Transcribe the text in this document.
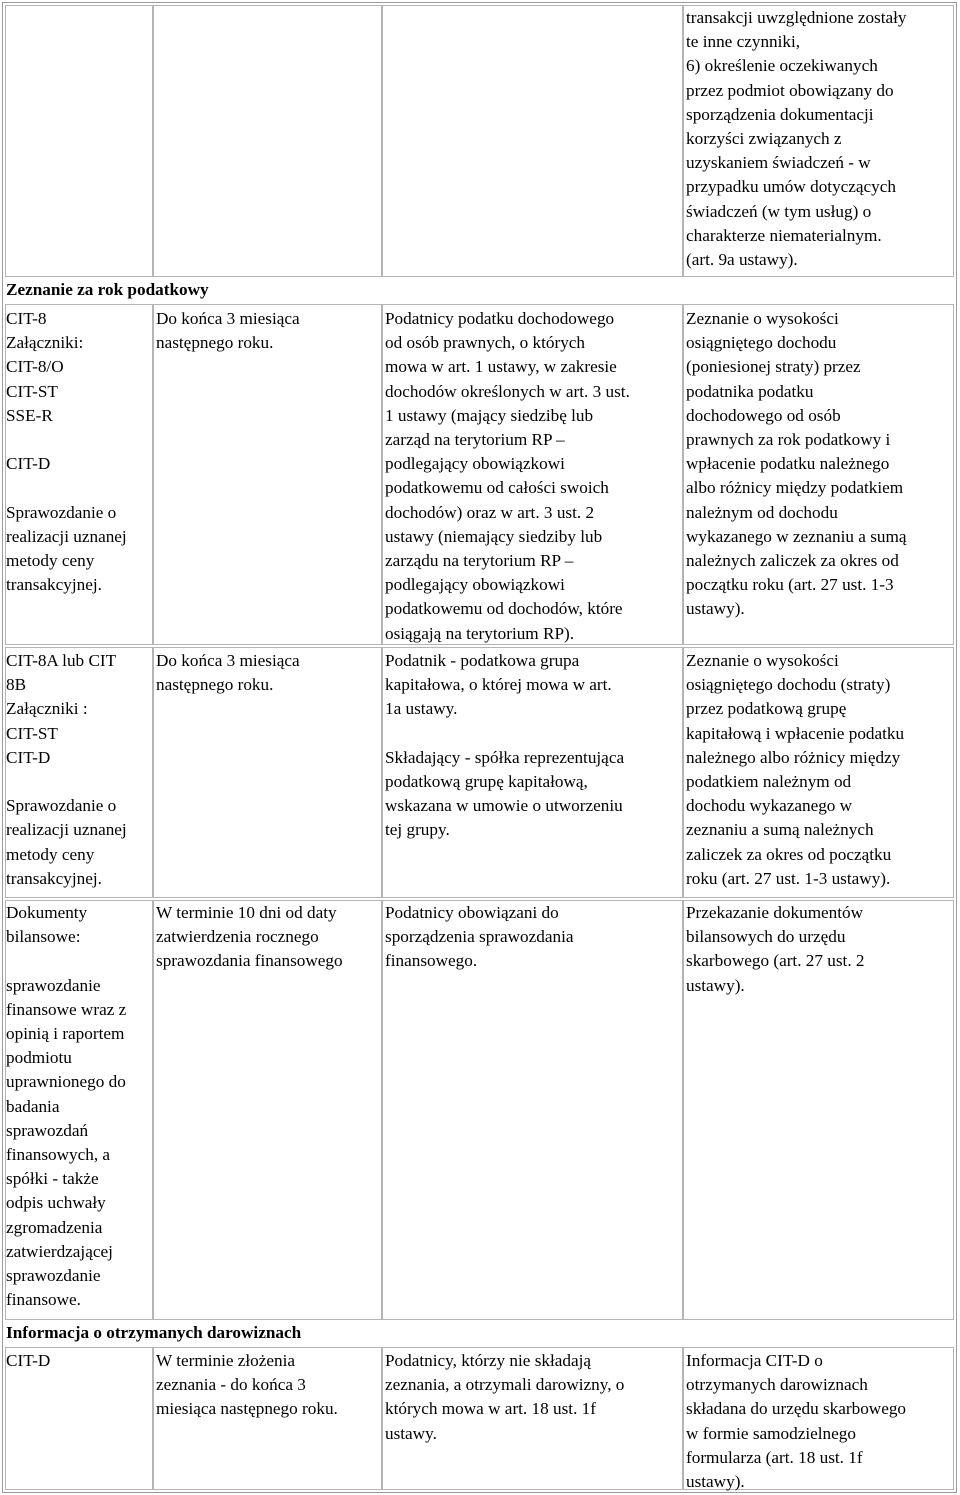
transakcji uwzględnione zostały
te inne czynniki,
6) określenie oczekiwanych
przez podmiot obowiązany do
sporządzenia dokumentacji
korzyści związanych z
uzyskaniem świadczeń - w
przypadku umów dotyczących
świadczeń (w tym usług) o
charakterze niematerialnym.
(art. 9a ustawy).
Zeznanie za rok podatkowy
CIT-8
Załączniki:
CIT-8/O
CIT-ST
SSE-R

CIT-D

Sprawozdanie o
realizacji uznanej
metody ceny
transakcyjnej.
Do końca 3 miesiąca
następnego roku.
Podatnicy podatku dochodowego
od osób prawnych, o których
mowa w art. 1 ustawy, w zakresie
dochodów określonych w art. 3 ust.
1 ustawy (mający siedzibę lub
zarząd na terytorium RP –
podlegający obowiązkowi
podatkowemu od całości swoich
dochodów) oraz w art. 3 ust. 2
ustawy (niemający siedziby lub
zarządu na terytorium RP –
podlegający obowiązkowi
podatkowemu od dochodów, które
osiągają na terytorium RP).
Zeznanie o wysokości
osiągniętego dochodu
(poniesionej straty) przez
podatnika podatku
dochodowego od osób
prawnych za rok podatkowy i
wpłacenie podatku należnego
albo różnicy między podatkiem
należnym od dochodu
wykazanego w zeznaniu a sumą
należnych zaliczek za okres od
początku roku (art. 27 ust. 1-3
ustawy).
CIT-8A lub CIT
8B
Załączniki :
CIT-ST
CIT-D

Sprawozdanie o
realizacji uznanej
metody ceny
transakcyjnej.
Do końca 3 miesiąca
następnego roku.
Podatnik - podatkowa grupa
kapitałowa, o której mowa w art.
1a ustawy.

Składający - spółka reprezentująca
podatkową grupę kapitałową,
wskazana w umowie o utworzeniu
tej grupy.
Zeznanie o wysokości
osiągniętego dochodu (straty)
przez podatkową grupę
kapitałową i wpłacenie podatku
należnego albo różnicy między
podatkiem należnym od
dochodu wykazanego w
zeznaniu a sumą należnych
zaliczek za okres od początku
roku (art. 27 ust. 1-3 ustawy).
Dokumenty
bilansowe:

sprawozdanie
finansowe wraz z
opinią i raportem
podmiotu
uprawnionego do
badania
sprawozdań
finansowych, a
spółki - także
odpis uchwały
zgromadzenia
zatwierdzającej
sprawozdanie
finansowe.
W terminie 10 dni od daty
zatwierdzenia rocznego
sprawozdania finansowego
Podatnicy obowiązani do
sporządzenia sprawozdania
finansowego.
Przekazanie dokumentów
bilansowych do urzędu
skarbowego (art. 27 ust. 2
ustawy).
Informacja o otrzymanych darowiznach
CIT-D	W terminie złożenia
zeznania - do końca 3
miesiąca następnego roku.
Podatnicy, którzy nie składają
zeznania, a otrzymali darowizny, o
których mowa w art. 18 ust. 1f
ustawy.
Informacja CIT-D o
otrzymanych darowiznach
składana do urzędu skarbowego
w formie samodzielnego
formularza (art. 18 ust. 1f
ustawy).
